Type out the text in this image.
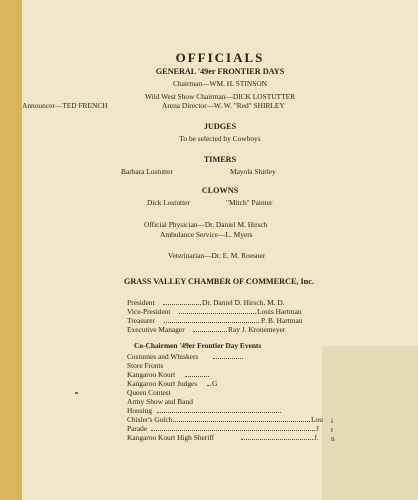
OFFICIALS
GENERAL '49er FRONTIER DAYS
Chairman—WM. H. STINSON
Wild West Show Chairman—DICK LOSTUTTER
Announcer—TED FRENCH	Arena Director—W. W. "Red" SHIRLEY
JUDGES
To be selected by Cowboys
TIMERS
Barbara Lostutter	Mayola Shirley
CLOWNS
Dick Lostutter	"Mitch" Painter
Official Physician—Dr. Daniel M. Hirsch
Ambulance Service—L. Myers
Veterinarian—Dr. E. M. Roesner
GRASS VALLEY CHAMBER OF COMMERCE, Inc.
President	Dr. Daniel D. Hirsch, M. D.
Vice-President	Louis Hartman
Treasurer	P. B. Hartman
Executive Manager	Ray J. Kronemeyer
Co-Chairmen '49er Frontier Day Events
Costumes and Whiskers
Store Fronts
Kangaroo Kourt
Kangaroo Kourt Judges G
Queen Contest
Army Show and Band
Housing
Chisler's Gulch	Lou
Parade	J
Kangaroo Kourt High Sheriff	J.
i
t
n
